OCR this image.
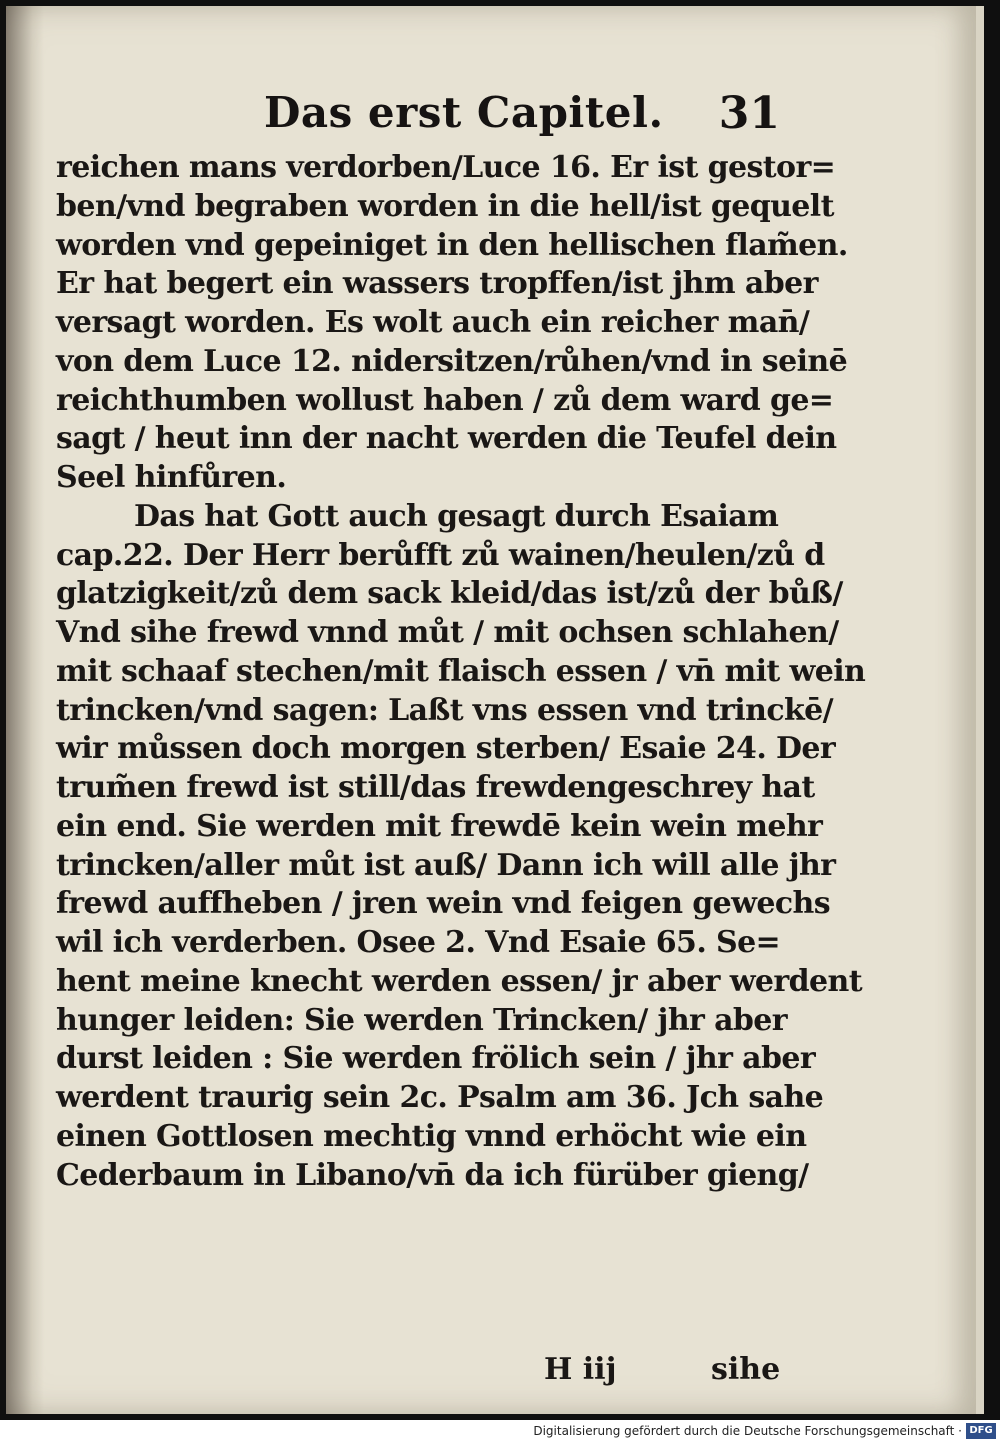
Das erst Capitel. 31
reichen mans verdorben/Luce 16. Er ist gestor=
ben/vnd begraben worden in die hell/ist gequelt
worden vnd gepeiniget in den hellischen flam̃en.
Er hat begert ein wassers tropffen/ist jhm aber
versagt worden. Es wolt auch ein reicher man̄/
von dem Luce 12. nidersitzen/růhen/vnd in seinē
reichthumben wollust haben / zů dem ward ge=
sagt / heut inn der nacht werden die Teufel dein
Seel hinfůren.
Das hat Gott auch gesagt durch Esaiam
cap.22. Der Herr berůfft zů wainen/heulen/zů d
glatzigkeit/zů dem sack kleid/das ist/zů der bůß/
Vnd sihe frewd vnnd můt / mit ochsen schlahen/
mit schaaf stechen/mit flaisch essen / vn̄ mit wein
trincken/vnd sagen: Laßt vns essen vnd trinckē/
wir můssen doch morgen sterben/ Esaie 24. Der
trum̃en frewd ist still/das frewdengeschrey hat
ein end. Sie werden mit frewdē kein wein mehr
trincken/aller můt ist auß/ Dann ich will alle jhr
frewd auffheben / jren wein vnd feigen gewechs
wil ich verderben. Osee 2. Vnd Esaie 65. Se=
hent meine knecht werden essen/ jr aber werdent
hunger leiden: Sie werden Trincken/ jhr aber
durst leiden : Sie werden frölich sein / jhr aber
werdent traurig sein 2c. Psalm am 36. Jch sahe
einen Gottlosen mechtig vnnd erhöcht wie ein
Cederbaum in Libano/vn̄ da ich fürüber gieng/
H iij	sihe
Digitalisierung gefördert durch die Deutsche Forschungsgemeinschaft · DFG
